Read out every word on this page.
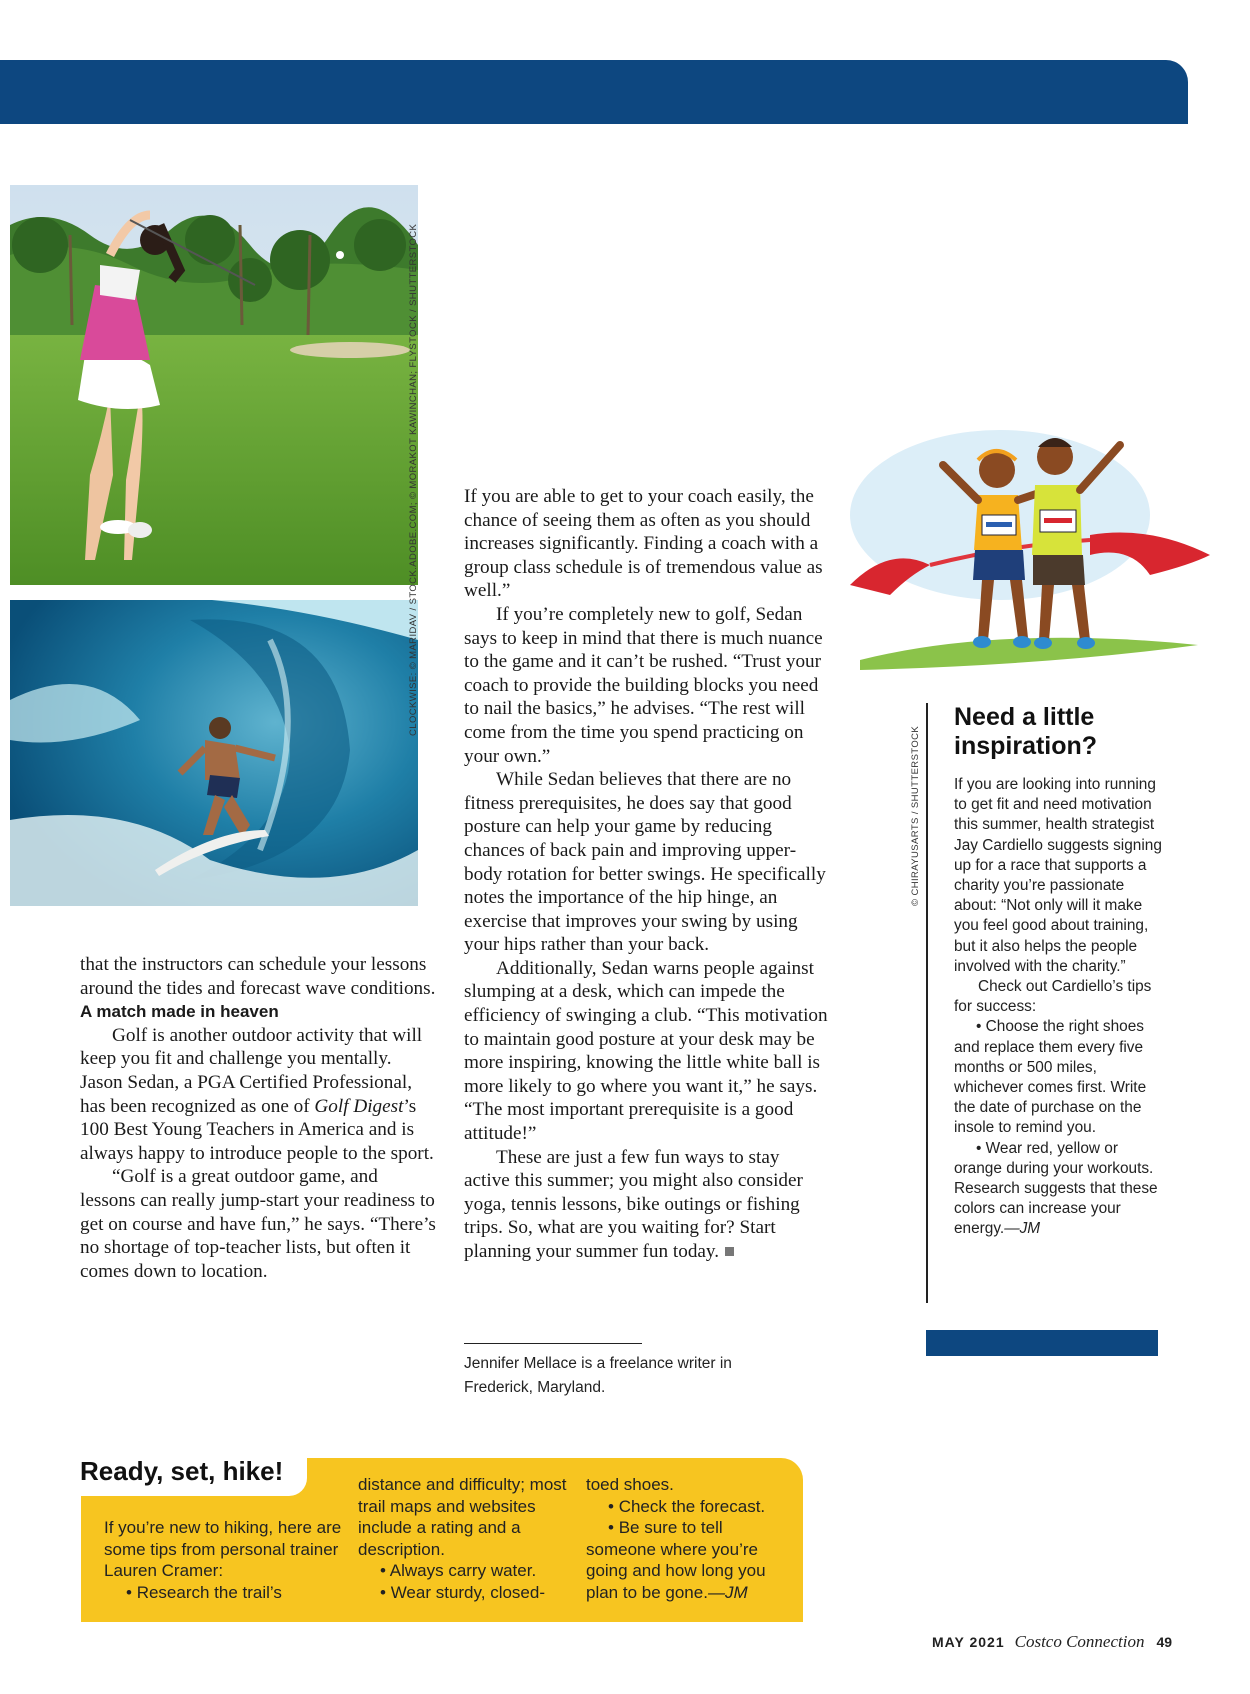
CLOCKWISE: © MARIDAV / STOCK.ADOBE.COM; © MORAKOT KAWINCHAN; FLYSTOCK / SHUTTERSTOCK

that the instructors can schedule your lessons around the tides and forecast wave conditions.

A match made in heaven

Golf is another outdoor activity that will keep you fit and challenge you mentally. Jason Sedan, a PGA Certified Professional, has been recognized as one of Golf Digest’s 100 Best Young Teachers in America and is always happy to introduce people to the sport.

“Golf is a great outdoor game, and lessons can really jump-start your readiness to get on course and have fun,” he says. “There’s no shortage of top-teacher lists, but often it comes down to location.

If you are able to get to your coach easily, the chance of seeing them as often as you should increases significantly. Finding a coach with a group class schedule is of tremendous value as well.”

If you’re completely new to golf, Sedan says to keep in mind that there is much nuance to the game and it can’t be rushed. “Trust your coach to provide the building blocks you need to nail the basics,” he advises. “The rest will come from the time you spend practicing on your own.”

While Sedan believes that there are no fitness prerequisites, he does say that good posture can help your game by reducing chances of back pain and improving upper-body rotation for better swings. He specifically notes the importance of the hip hinge, an exercise that improves your swing by using your hips rather than your back.

Additionally, Sedan warns people against slumping at a desk, which can impede the efficiency of swinging a club. “This motivation to maintain good posture at your desk may be more inspiring, knowing the little white ball is more likely to go where you want it,” he says. “The most important prerequisite is a good attitude!”

These are just a few fun ways to stay active this summer; you might also consider yoga, tennis lessons, bike outings or fishing trips. So, what are you waiting for? Start planning your summer fun today.

Jennifer Mellace is a freelance writer in Frederick, Maryland.
© CHIRAYUSARTS / SHUTTERSTOCK
Need a little inspiration?

If you are looking into running to get fit and need motivation this summer, health strategist Jay Cardiello suggests signing up for a race that supports a charity you’re passionate about: “Not only will it make you feel good about training, but it also helps the people involved with the charity.”

Check out Cardiello’s tips for success:

• Choose the right shoes and replace them every five months or 500 miles, whichever comes first. Write the date of purchase on the insole to remind you.

• Wear red, yellow or orange during your workouts. Research suggests that these colors can increase your energy.—JM

Ready, set, hike!

If you’re new to hiking, here are some tips from personal trainer Lauren Cramer:

• Research the trail’s

distance and difficulty; most trail maps and websites include a rating and a description.

• Always carry water.

• Wear sturdy, closed-

toed shoes.

• Check the forecast.

• Be sure to tell someone where you’re going and how long you plan to be gone.—JM

MAY 2021 Costco Connection 49
